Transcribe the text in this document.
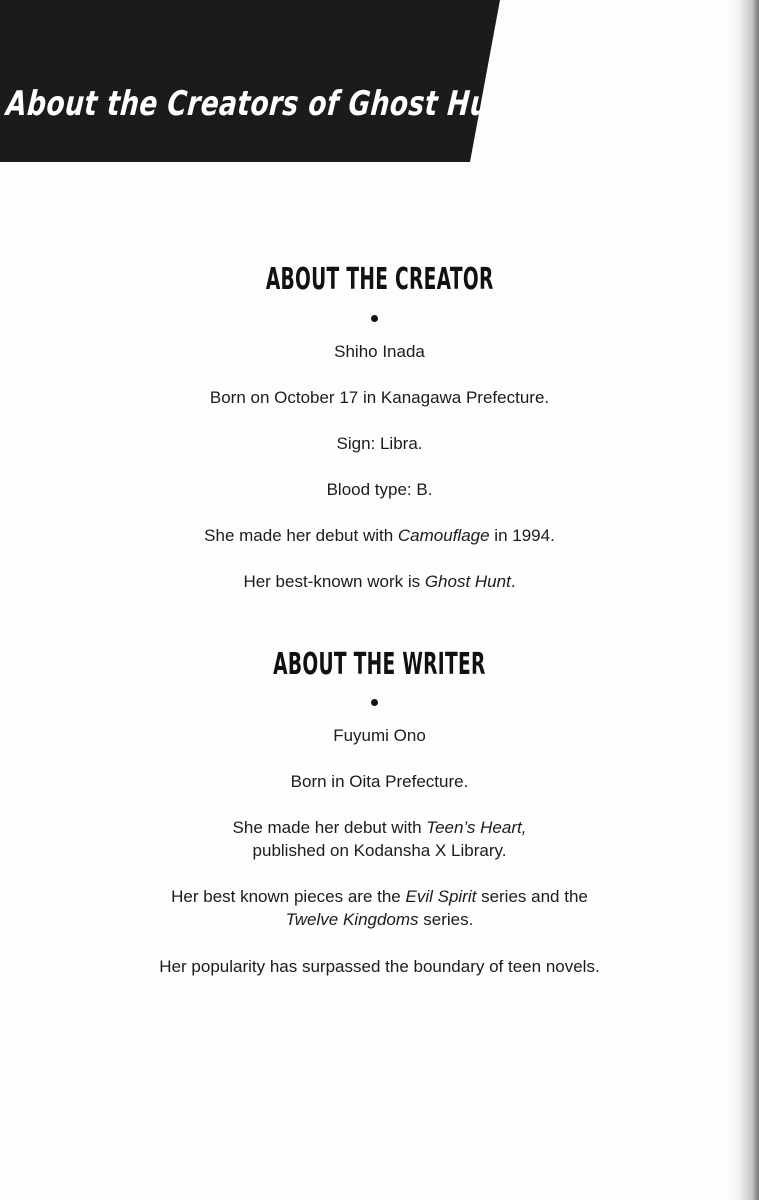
About the Creators of Ghost Hunt
ABOUT THE CREATOR
Shiho Inada
Born on October 17 in Kanagawa Prefecture.
Sign: Libra.
Blood type: B.
She made her debut with Camouflage in 1994.
Her best-known work is Ghost Hunt.
ABOUT THE WRITER
Fuyumi Ono
Born in Oita Prefecture.
She made her debut with Teen’s Heart,
published on Kodansha X Library.
Her best known pieces are the Evil Spirit series and the
Twelve Kingdoms series.
Her popularity has surpassed the boundary of teen novels.
